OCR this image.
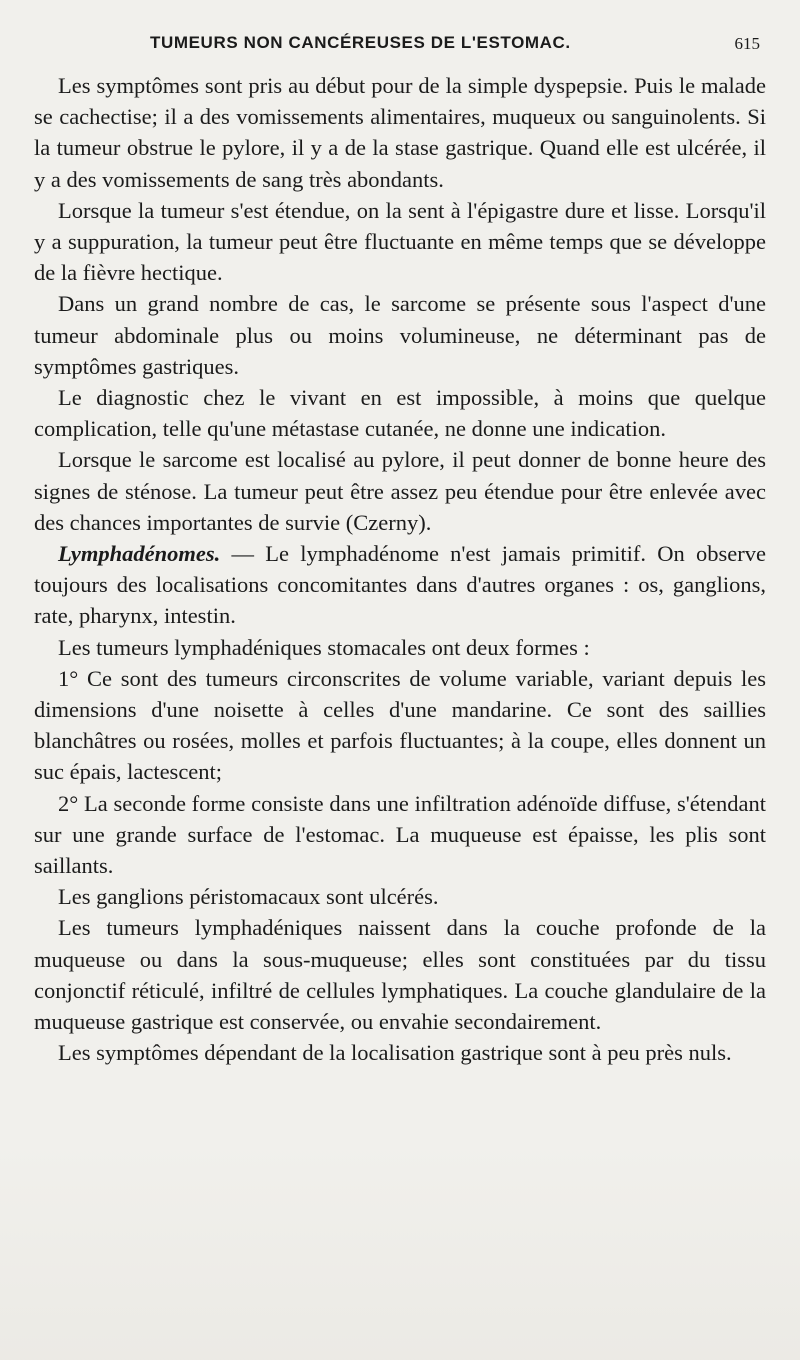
TUMEURS NON CANCÉREUSES DE L'ESTOMAC.	615

Les symptômes sont pris au début pour de la simple dyspepsie. Puis le malade se cachectise; il a des vomissements alimentaires, muqueux ou sanguinolents. Si la tumeur obstrue le pylore, il y a de la stase gastrique. Quand elle est ulcérée, il y a des vomissements de sang très abondants.

Lorsque la tumeur s'est étendue, on la sent à l'épigastre dure et lisse. Lorsqu'il y a suppuration, la tumeur peut être fluctuante en même temps que se développe de la fièvre hectique.

Dans un grand nombre de cas, le sarcome se présente sous l'aspect d'une tumeur abdominale plus ou moins volumineuse, ne déterminant pas de symptômes gastriques.

Le diagnostic chez le vivant en est impossible, à moins que quelque complication, telle qu'une métastase cutanée, ne donne une indication.

Lorsque le sarcome est localisé au pylore, il peut donner de bonne heure des signes de sténose. La tumeur peut être assez peu étendue pour être enlevée avec des chances importantes de survie (Czerny).

Lymphadénomes. — Le lymphadénome n'est jamais primitif. On observe toujours des localisations concomitantes dans d'autres organes : os, ganglions, rate, pharynx, intestin.

Les tumeurs lymphadéniques stomacales ont deux formes :

1° Ce sont des tumeurs circonscrites de volume variable, variant depuis les dimensions d'une noisette à celles d'une mandarine. Ce sont des saillies blanchâtres ou rosées, molles et parfois fluctuantes; à la coupe, elles donnent un suc épais, lactescent;

2° La seconde forme consiste dans une infiltration adénoïde diffuse, s'étendant sur une grande surface de l'estomac. La muqueuse est épaisse, les plis sont saillants.

Les ganglions péristomacaux sont ulcérés.

Les tumeurs lymphadéniques naissent dans la couche profonde de la muqueuse ou dans la sous-muqueuse; elles sont constituées par du tissu conjonctif réticulé, infiltré de cellules lymphatiques. La couche glandulaire de la muqueuse gastrique est conservée, ou envahie secondairement.

Les symptômes dépendant de la localisation gastrique sont à peu près nuls.
